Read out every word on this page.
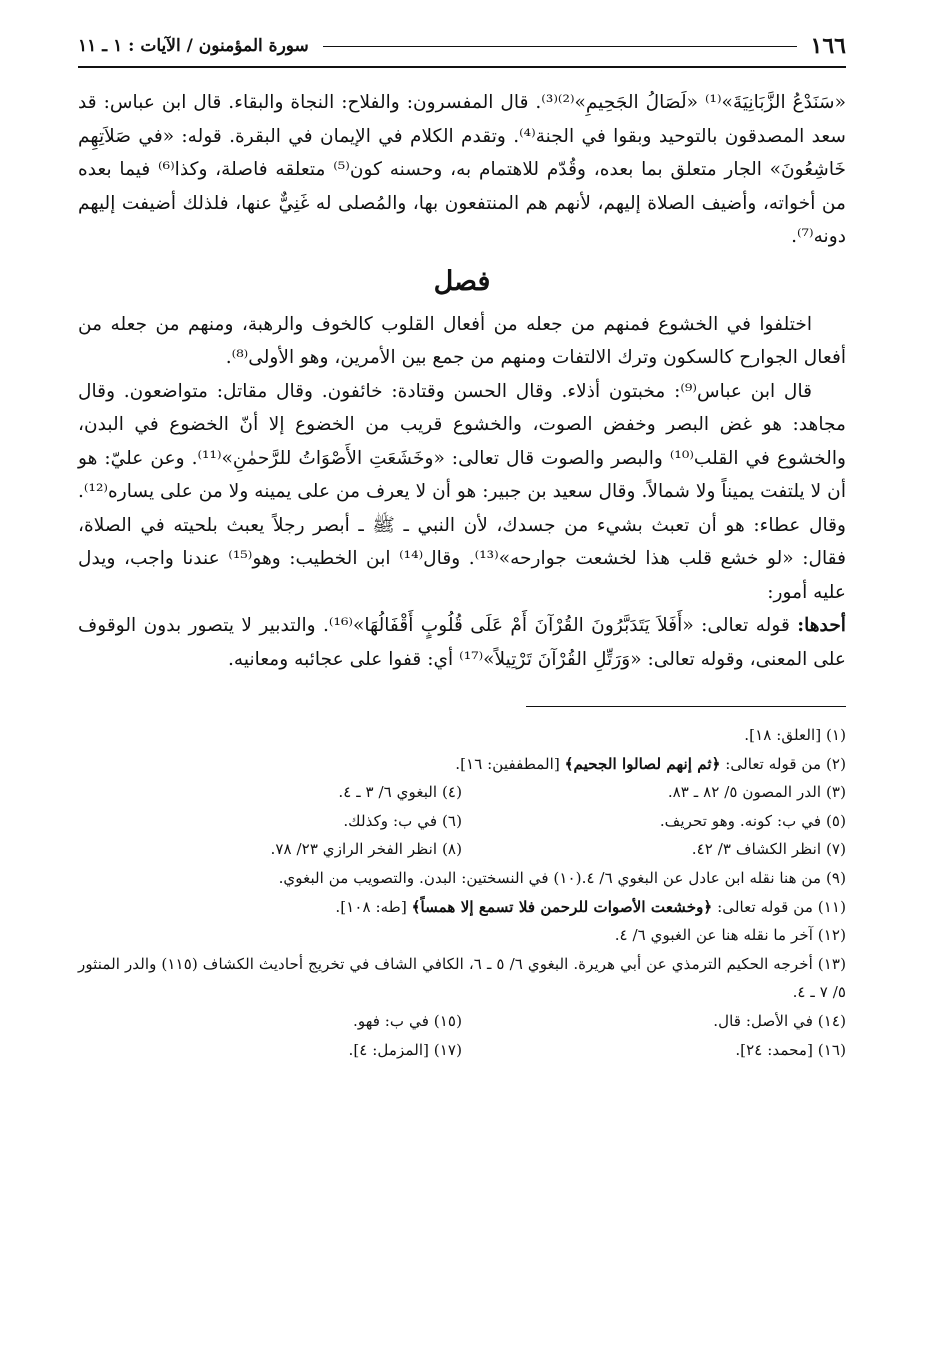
١٦٦
سورة المؤمنون / الآيات : ١ ـ ١١

«سَنَدْعُ الزَّبَانِيَةَ»⁽¹⁾ «لَصَالُ الجَحِيمِ»⁽²⁾⁽³⁾. قال المفسرون: والفلاح: النجاة والبقاء. قال ابن عباس: قد سعد المصدقون بالتوحيد وبقوا في الجنة⁽⁴⁾. وتقدم الكلام في الإيمان في البقرة. قوله: «في صَلاَتِهِم خَاشِعُونَ» الجار متعلق بما بعده، وقُدّم للاهتمام به، وحسنه كون⁽⁵⁾ متعلقه فاصلة، وكذا⁽⁶⁾ فيما بعده من أخواته، وأضيف الصلاة إليهم، لأنهم هم المنتفعون بها، والمُصلى له غَنِيٌّ عنها، فلذلك أضيفت إليهم دونه⁽⁷⁾.

فصل

اختلفوا في الخشوع فمنهم من جعله من أفعال القلوب كالخوف والرهبة، ومنهم من جعله من أفعال الجوارح كالسكون وترك الالتفات ومنهم من جمع بين الأمرين، وهو الأولى⁽⁸⁾.

قال ابن عباس⁽⁹⁾: مخبتون أذلاء. وقال الحسن وقتادة: خائفون. وقال مقاتل: متواضعون. وقال مجاهد: هو غض البصر وخفض الصوت، والخشوع قريب من الخضوع إلا أنّ الخضوع في البدن، والخشوع في القلب⁽¹⁰⁾ والبصر والصوت قال تعالى: «وخَشَعَتِ الأَصْوَاتُ للرَّحمٰنِ»⁽¹¹⁾. وعن عليّ: هو أن لا يلتفت يميناً ولا شمالاً. وقال سعيد بن جبير: هو أن لا يعرف من على يمينه ولا من على يساره⁽¹²⁾. وقال عطاء: هو أن تعبث بشيء من جسدك، لأن النبي ـ ﷺ ـ أبصر رجلاً يعبث بلحيته في الصلاة، فقال: «لو خشع قلب هذا لخشعت جوارحه»⁽¹³⁾. وقال⁽¹⁴⁾ ابن الخطيب: وهو⁽¹⁵⁾ عندنا واجب، ويدل عليه أمور:

أحدها: قوله تعالى: «أَفَلاَ يَتَدَبَّرُونَ القُرْآنَ أَمْ عَلَى قُلُوبٍ أَقْفَالُهَا»⁽¹⁶⁾. والتدبير لا يتصور بدون الوقوف على المعنى، وقوله تعالى: «وَرَتِّلِ القُرْآنَ تَرْتِيلاً»⁽¹⁷⁾ أي: قفوا على عجائبه ومعانيه.

(١) [العلق: ١٨].
(٢) من قوله تعالى: ﴿ثم إنهم لصالوا الجحيم﴾ [المطففين: ١٦].
(٣) الدر المصون ٥/ ٨٢ ـ ٨٣.
(٤) البغوي ٦/ ٣ ـ ٤.
(٥) في ب: كونه. وهو تحريف.
(٦) في ب: وكذلك.
(٧) انظر الكشاف ٣/ ٤٢.
(٨) انظر الفخر الرازي ٢٣/ ٧٨.
(٩) من هنا نقله ابن عادل عن البغوي ٦/ ٤.(١٠) في النسختين: البدن. والتصويب من البغوي.
(١١) من قوله تعالى: ﴿وخشعت الأصوات للرحمن فلا تسمع إلا همساً﴾ [طه: ١٠٨].
(١٢) آخر ما نقله هنا عن الغبوي ٦/ ٤.
(١٣) أخرجه الحكيم الترمذي عن أبي هريرة. البغوي ٦/ ٥ ـ ٦، الكافي الشاف في تخريج أحاديث الكشاف (١١٥) والدر المنثور ٥/ ٧ ـ ٤.
(١٤) في الأصل: قال.
(١٥) في ب: فهو.
(١٦) [محمد: ٢٤].
(١٧) [المزمل: ٤].
